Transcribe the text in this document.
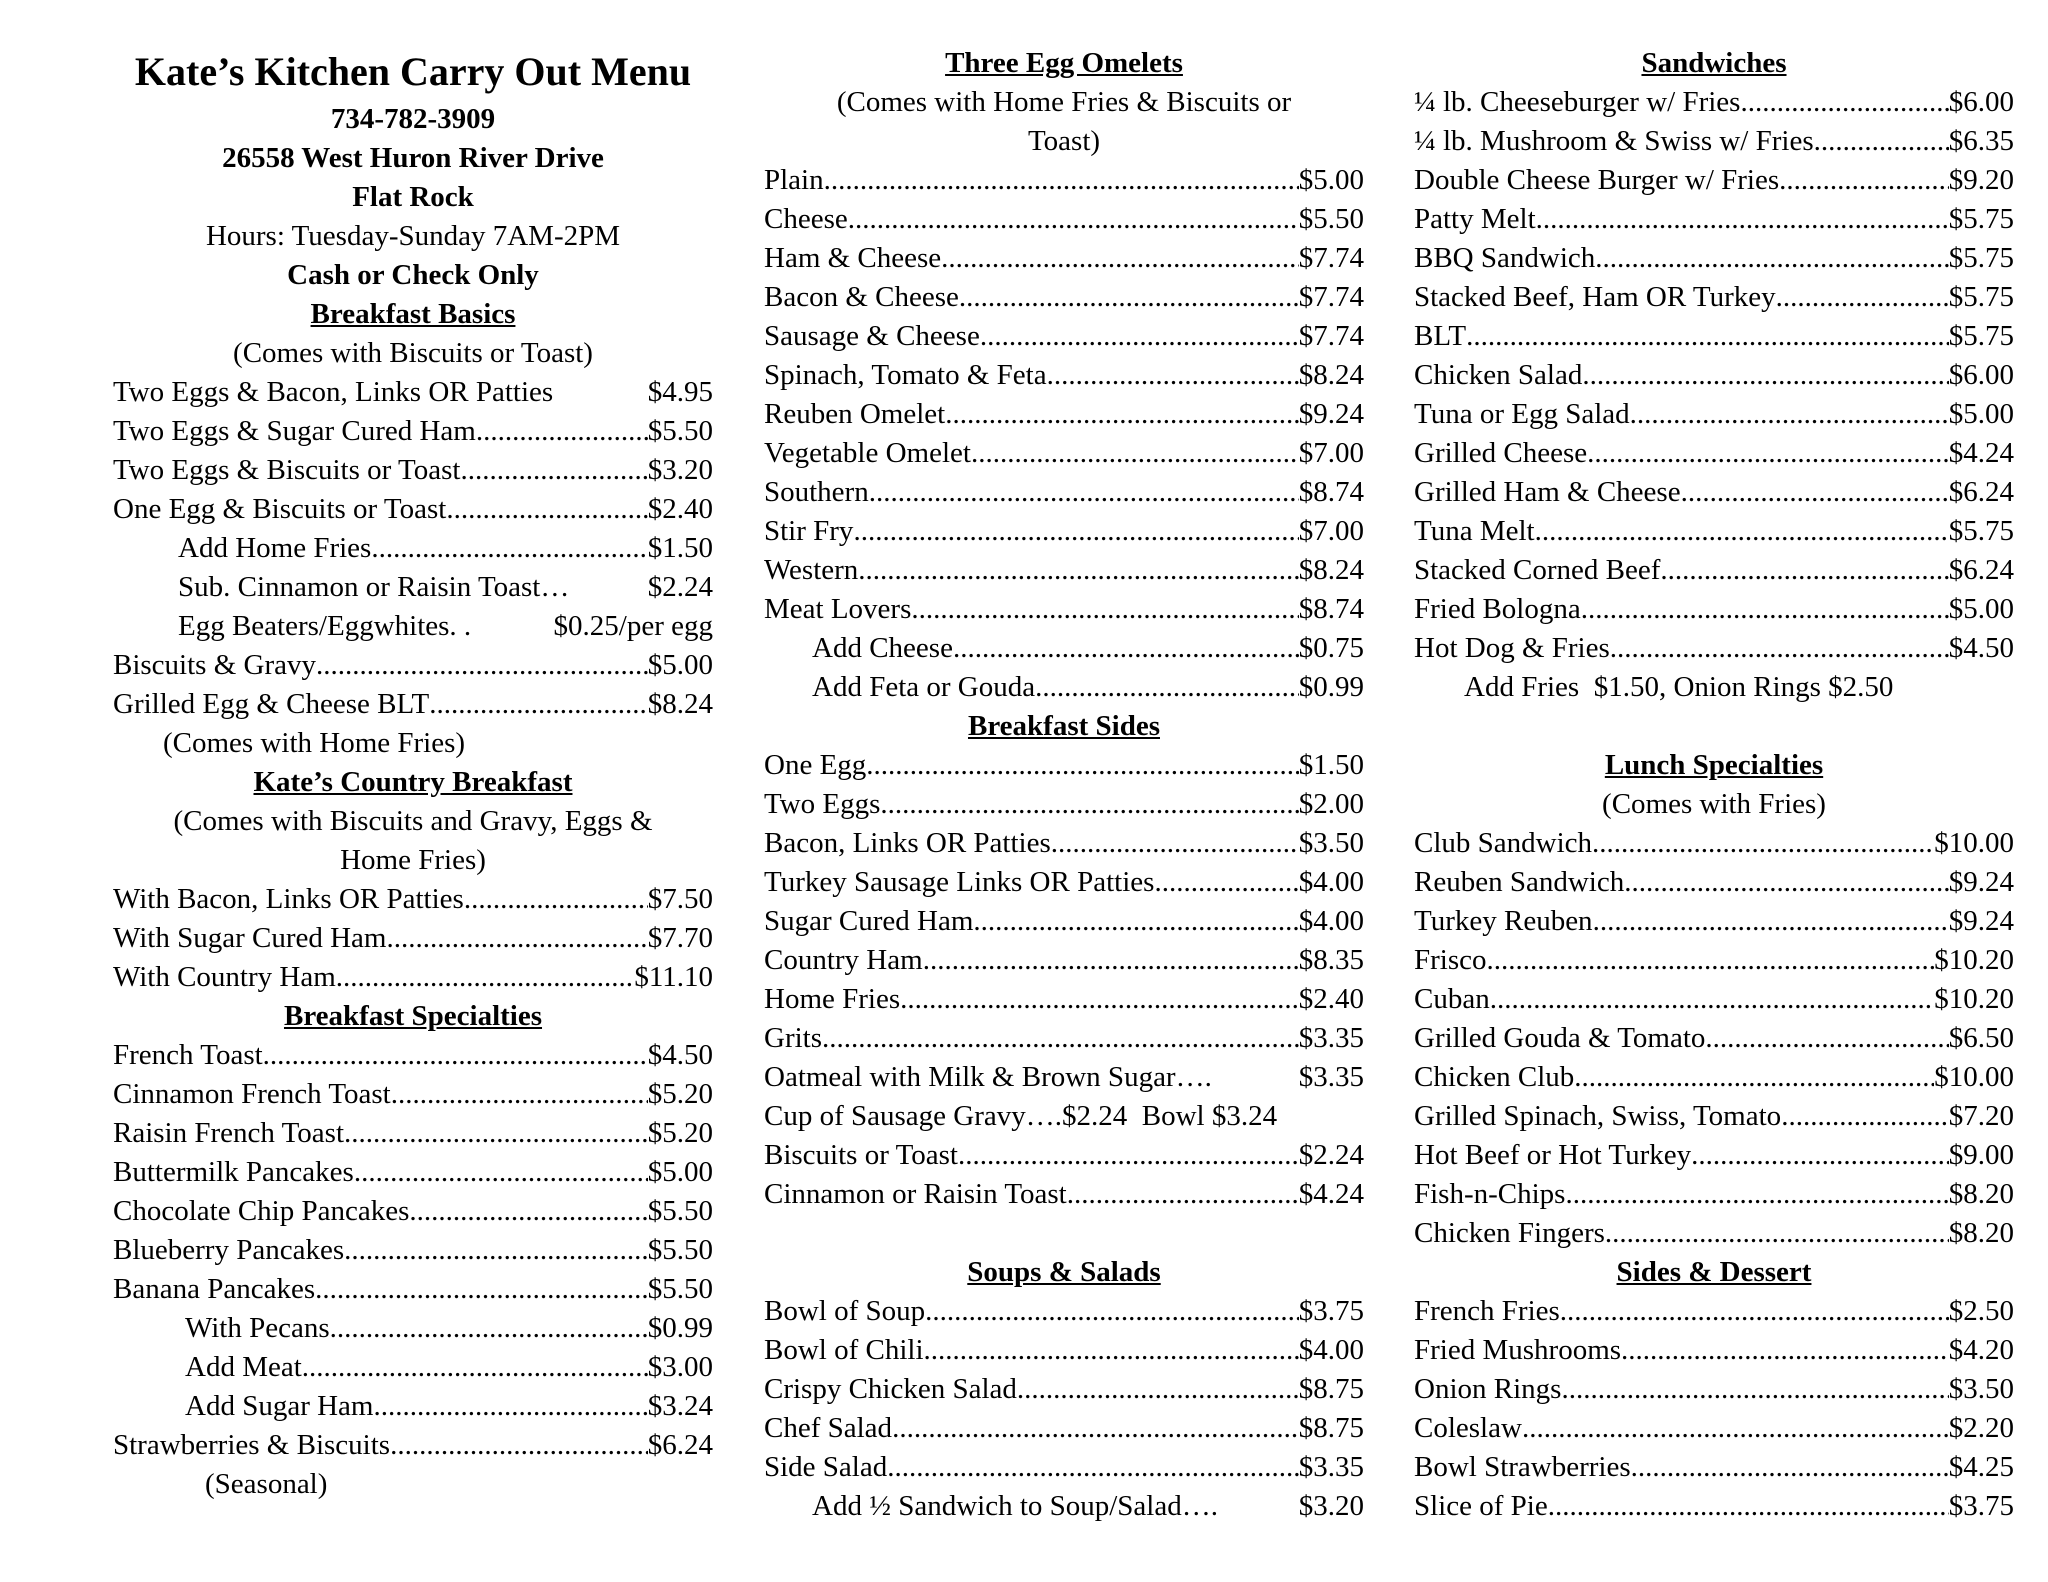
Kate’s Kitchen Carry Out Menu
734-782-3909
26558 West Huron River Drive
Flat Rock
Hours: Tuesday-Sunday 7AM-2PM
Cash or Check Only
Breakfast Basics
(Comes with Biscuits or Toast)
Two Eggs & Bacon, Links OR Patties	$4.95
Two Eggs & Sugar Cured Ham .....	$5.50
Two Eggs & Biscuits or Toast .....	$3.20
One Egg & Biscuits or Toast .....	$2.40
Add Home Fries .....	$1.50
Sub. Cinnamon or Raisin Toast…	$2.24
Egg Beaters/Eggwhites. .	$0.25/per egg
Biscuits & Gravy .....	$5.00
Grilled Egg & Cheese BLT .....	$8.24
(Comes with Home Fries)
Kate’s Country Breakfast
(Comes with Biscuits and Gravy, Eggs &
Home Fries)
With Bacon, Links OR Patties .....	$7.50
With Sugar Cured Ham .....	$7.70
With Country Ham .....	$11.10
Breakfast Specialties
French Toast .....	$4.50
Cinnamon French Toast .....	$5.20
Raisin French Toast .....	$5.20
Buttermilk Pancakes .....	$5.00
Chocolate Chip Pancakes .....	$5.50
Blueberry Pancakes .....	$5.50
Banana Pancakes .....	$5.50
With Pecans .....	$0.99
Add Meat .....	$3.00
Add Sugar Ham .....	$3.24
Strawberries & Biscuits .....	$6.24
(Seasonal)
Three Egg Omelets
(Comes with Home Fries & Biscuits or
Toast)
Plain .....	$5.00
Cheese .....	$5.50
Ham & Cheese .....	$7.74
Bacon & Cheese .....	$7.74
Sausage & Cheese .....	$7.74
Spinach, Tomato & Feta .....	$8.24
Reuben Omelet .....	$9.24
Vegetable Omelet .....	$7.00
Southern .....	$8.74
Stir Fry .....	$7.00
Western .....	$8.24
Meat Lovers .....	$8.74
Add Cheese .....	$0.75
Add Feta or Gouda .....	$0.99
Breakfast Sides
One Egg .....	$1.50
Two Eggs .....	$2.00
Bacon, Links OR Patties .....	$3.50
Turkey Sausage Links OR Patties .....	$4.00
Sugar Cured Ham .....	$4.00
Country Ham .....	$8.35
Home Fries .....	$2.40
Grits .....	$3.35
Oatmeal with Milk & Brown Sugar….	$3.35
Cup of Sausage Gravy….$2.24  Bowl $3.24
Biscuits or Toast .....	$2.24
Cinnamon or Raisin Toast .....	$4.24
Soups & Salads
Bowl of Soup .....	$3.75
Bowl of Chili .....	$4.00
Crispy Chicken Salad .....	$8.75
Chef Salad .....	$8.75
Side Salad .....	$3.35
Add ½ Sandwich to Soup/Salad….	$3.20
Sandwiches
¼ lb. Cheeseburger w/ Fries .....	$6.00
¼ lb. Mushroom & Swiss w/ Fries .....	$6.35
Double Cheese Burger w/ Fries .....	$9.20
Patty Melt .....	$5.75
BBQ Sandwich .....	$5.75
Stacked Beef, Ham OR Turkey .....	$5.75
BLT .....	$5.75
Chicken Salad .....	$6.00
Tuna or Egg Salad .....	$5.00
Grilled Cheese .....	$4.24
Grilled Ham & Cheese .....	$6.24
Tuna Melt .....	$5.75
Stacked Corned Beef .....	$6.24
Fried Bologna .....	$5.00
Hot Dog & Fries .....	$4.50
Add Fries  $1.50, Onion Rings $2.50
Lunch Specialties
(Comes with Fries)
Club Sandwich .....	$10.00
Reuben Sandwich .....	$9.24
Turkey Reuben .....	$9.24
Frisco .....	$10.20
Cuban .....	$10.20
Grilled Gouda & Tomato .....	$6.50
Chicken Club .....	$10.00
Grilled Spinach, Swiss, Tomato .....	$7.20
Hot Beef or Hot Turkey .....	$9.00
Fish-n-Chips .....	$8.20
Chicken Fingers .....	$8.20
Sides & Dessert
French Fries .....	$2.50
Fried Mushrooms .....	$4.20
Onion Rings .....	$3.50
Coleslaw .....	$2.20
Bowl Strawberries .....	$4.25
Slice of Pie .....	$3.75
